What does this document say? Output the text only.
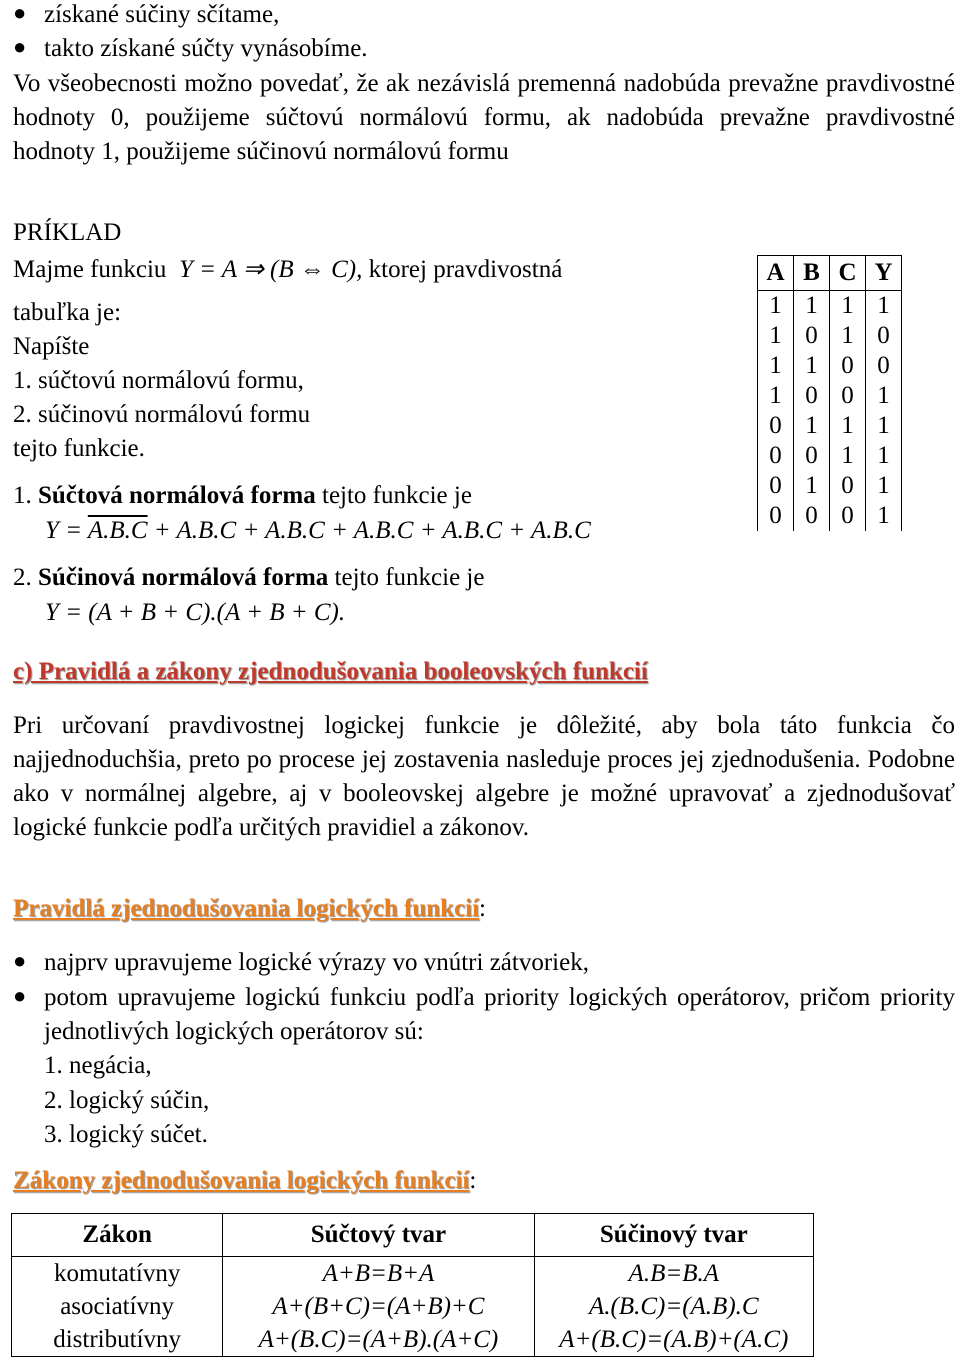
● získané súčiny sčítame,
● takto získané súčty vynásobíme.
Vo všeobecnosti možno povedať, že ak nezávislá premenná nadobúda prevažne pravdivostné hodnoty 0, použijeme súčtovú normálovú formu, ak nadobúda prevažne pravdivostné hodnoty 1, použijeme súčinovú normálovú formu
PRÍKLAD
Majme funkciu Y = A ⇒ (B ⇔ C), ktorej pravdivostná
tabuľka je:
Napíšte
1. súčtovú normálovú formu,
2. súčinovú normálovú formu
tejto funkcie.
1. Súčtová normálová forma tejto funkcie je
Y = A.B.C + A.B.C + A.B.C + A.B.C + A.B.C + A.B.C
2. Súčinová normálová forma tejto funkcie je
Y = (A + B + C).(A + B + C).
A	B	C	Y
1	1	1	1
1	0	1	0
1	1	0	0
1	0	0	1
0	1	1	1
0	0	1	1
0	1	0	1
0	0	0	1
c) Pravidlá a zákony zjednodušovania booleovských funkcií
Pri určovaní pravdivostnej logickej funkcie je dôležité, aby bola táto funkcia čo najjednoduchšia, preto po procese jej zostavenia nasleduje proces jej zjednodušenia. Podobne ako v normálnej algebre, aj v booleovskej algebre je možné upravovať a zjednodušovať logické funkcie podľa určitých pravidiel a zákonov.
Pravidlá zjednodušovania logických funkcií:
● najprv upravujeme logické výrazy vo vnútri zátvoriek,
● potom upravujeme logickú funkciu podľa priority logických operátorov, pričom priority jednotlivých logických operátorov sú:
1. negácia,
2. logický súčin,
3. logický súčet.
Zákony zjednodušovania logických funkcií:
Zákon	Súčtový tvar	Súčinový tvar
komutatívny	A+B=B+A	A.B=B.A
asociatívny	A+(B+C)=(A+B)+C	A.(B.C)=(A.B).C
distributívny	A+(B.C)=(A+B).(A+C)	A+(B.C)=(A.B)+(A.C)
